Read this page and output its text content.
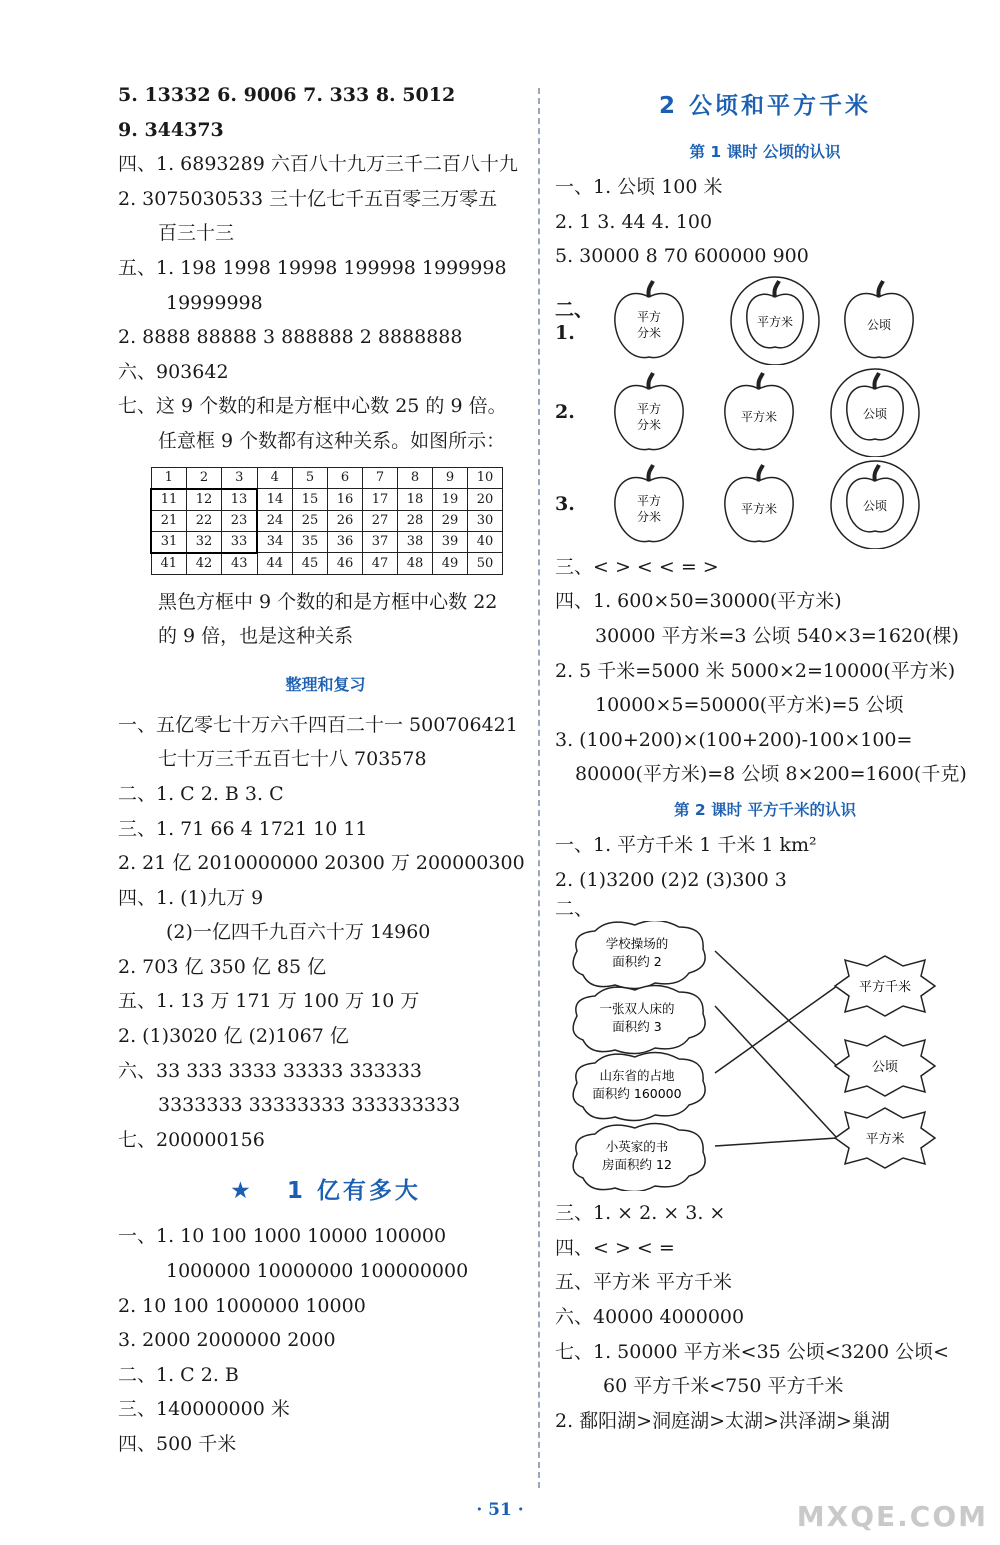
5. 13332 6. 9006 7. 333 8. 5012
9. 344373
四、1. 6893289 六百八十九万三千二百八十九
2. 3075030533 三十亿七千五百零三万零五
百三十三
五、1. 198 1998 19998 199998 1999998
19999998
2. 8888 88888 3 888888 2 8888888
六、903642
七、这 9 个数的和是方框中心数 25 的 9 倍。
任意框 9 个数都有这种关系。如图所示：
1	2	3	4	5	6	7	8	9	10
11	12	13	14	15	16	17	18	19	20
21	22	23	24	25	26	27	28	29	30
31	32	33	34	35	36	37	38	39	40
41	42	43	44	45	46	47	48	49	50
黑色方框中 9 个数的和是方框中心数 22
的 9 倍，也是这种关系
整理和复习
一、五亿零七十万六千四百二十一 500706421
七十万三千五百七十八 703578
二、1. C 2. B 3. C
三、1. 71 66 4 1721 10 11
2. 21 亿 2010000000 20300 万 200000300
四、1. (1)九万 9
(2)一亿四千九百六十万 14960
2. 703 亿 350 亿 85 亿
五、1. 13 万 171 万 100 万 10 万
2. (1)3020 亿 (2)1067 亿
六、33 333 3333 33333 333333
3333333 33333333 333333333
七、200000156
★ 1 亿有多大
一、1. 10 100 1000 10000 100000
1000000 10000000 100000000
2. 10 100 1000000 10000
3. 2000 2000000 2000
二、1. C 2. B
三、140000000 米
四、500 千米
2 公顷和平方千米
第 1 课时 公顷的认识
一、1. 公顷 100 米
2. 1 3. 44 4. 100
5. 30000 8 70 600000 900
二、1.
平方
分米
平方米	公顷
2.	平方
分米
平方米	公顷
3.	平方
分米
平方米	公顷
三、< > < < = >
四、1. 600×50=30000(平方米)
30000 平方米=3 公顷 540×3=1620(棵)
2. 5 千米=5000 米 5000×2=10000(平方米)
10000×5=50000(平方米)=5 公顷
3. (100+200)×(100+200)-100×100=
80000(平方米)=8 公顷 8×200=1600(千克)
第 2 课时 平方千米的认识
一、1. 平方千米 1 千米 1 km²
2. (1)3200 (2)2 (3)300 3
二、
学校操场的
面积约 2
一张双人床的
面积约 3
山东省的占地
面积约 160000
小英家的书
房面积约 12
平方千米
公顷
平方米
三、1. × 2. × 3. ×
四、< > < =
五、平方米 平方千米
六、40000 4000000
七、1. 50000 平方米<35 公顷<3200 公顷<
60 平方千米<750 平方千米
2. 鄱阳湖>洞庭湖>太湖>洪泽湖>巢湖
· 51 ·	MXQE.COM
